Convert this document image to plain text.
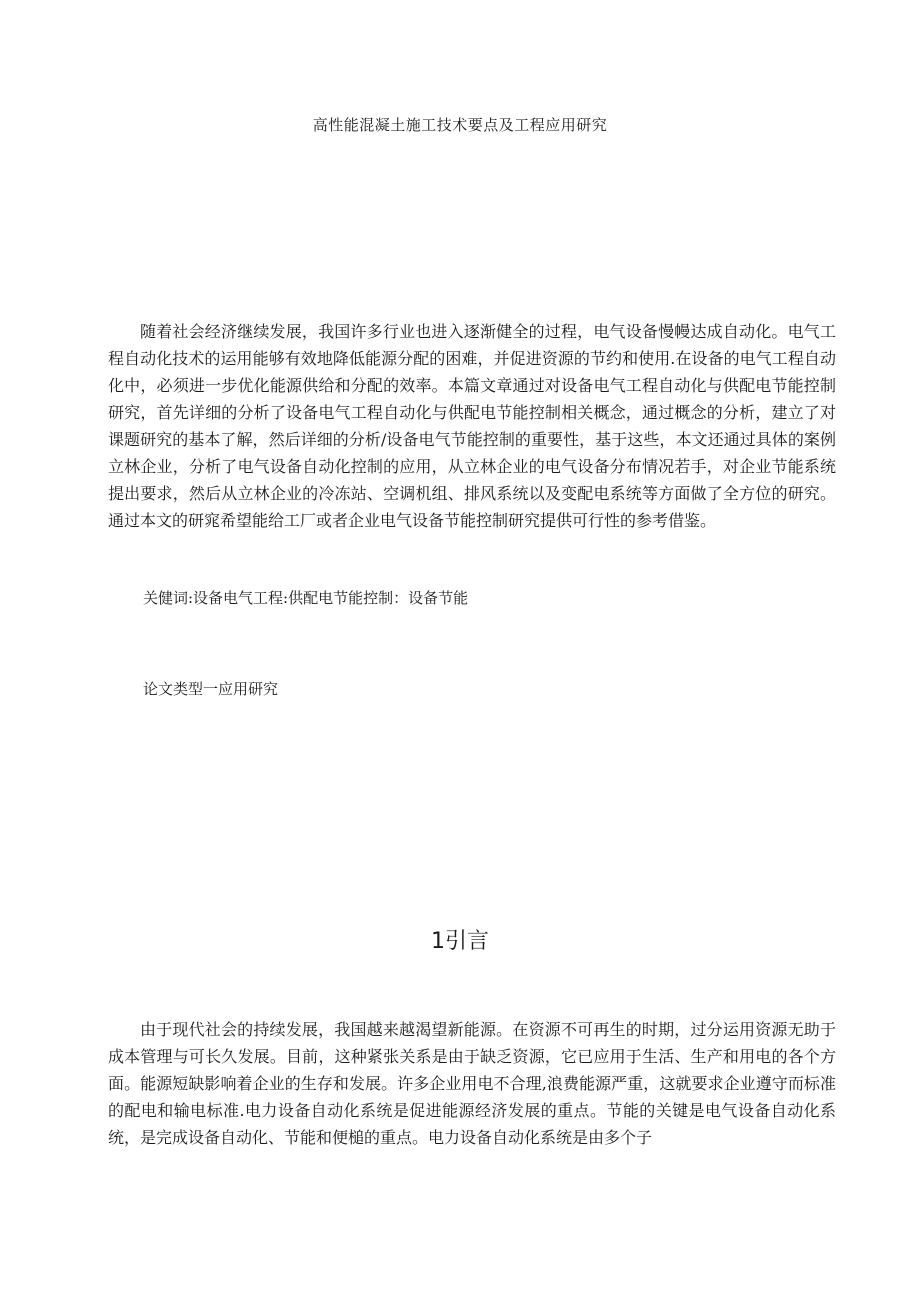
高性能混凝土施工技术要点及工程应用研究

随着社会经济继续发展，我国许多行业也进入逐渐健全的过程，电气设备慢幔达成自动化。电气工程自动化技术的运用能够有效地降低能源分配的困难，并促进资源的节约和使用.在设备的电气工程自动化中，必须进一步优化能源供给和分配的效率。本篇文章通过对设备电气工程自动化与供配电节能控制研究，首先详细的分析了设备电气工程自动化与供配电节能控制相关概念，通过概念的分析，建立了对课题研究的基本了解，然后详细的分析/设备电气节能控制的重要性，基于这些，本文还通过具体的案例立林企业，分析了电气设备自动化控制的应用，从立林企业的电气设备分布情况若手，对企业节能系统提出要求，然后从立林企业的冷冻站、空调机组、排风系统以及变配电系统等方面做了全方位的研究。通过本文的研窕希望能给工厂或者企业电气设备节能控制研究提供可行性的参考借鉴。

关健词:设备电气工程:供配电节能控制：设备节能
论文类型一应用研究
1引言

由于现代社会的持续发展，我国越来越渴望新能源。在资源不可再生的时期，过分运用资源无助于成本管理与可长久发展。目前，这种紧张关系是由于缺乏资源，它已应用于生活、生产和用电的各个方面。能源短缺影响着企业的生存和发展。许多企业用电不合理,浪费能源严重，这就要求企业遵守而标准的配电和输电标准.电力设备自动化系统是促进能源经济发展的重点。节能的关键是电气设备自动化系统，是完成设备自动化、节能和便槌的重点。电力设备自动化系统是由多个子
